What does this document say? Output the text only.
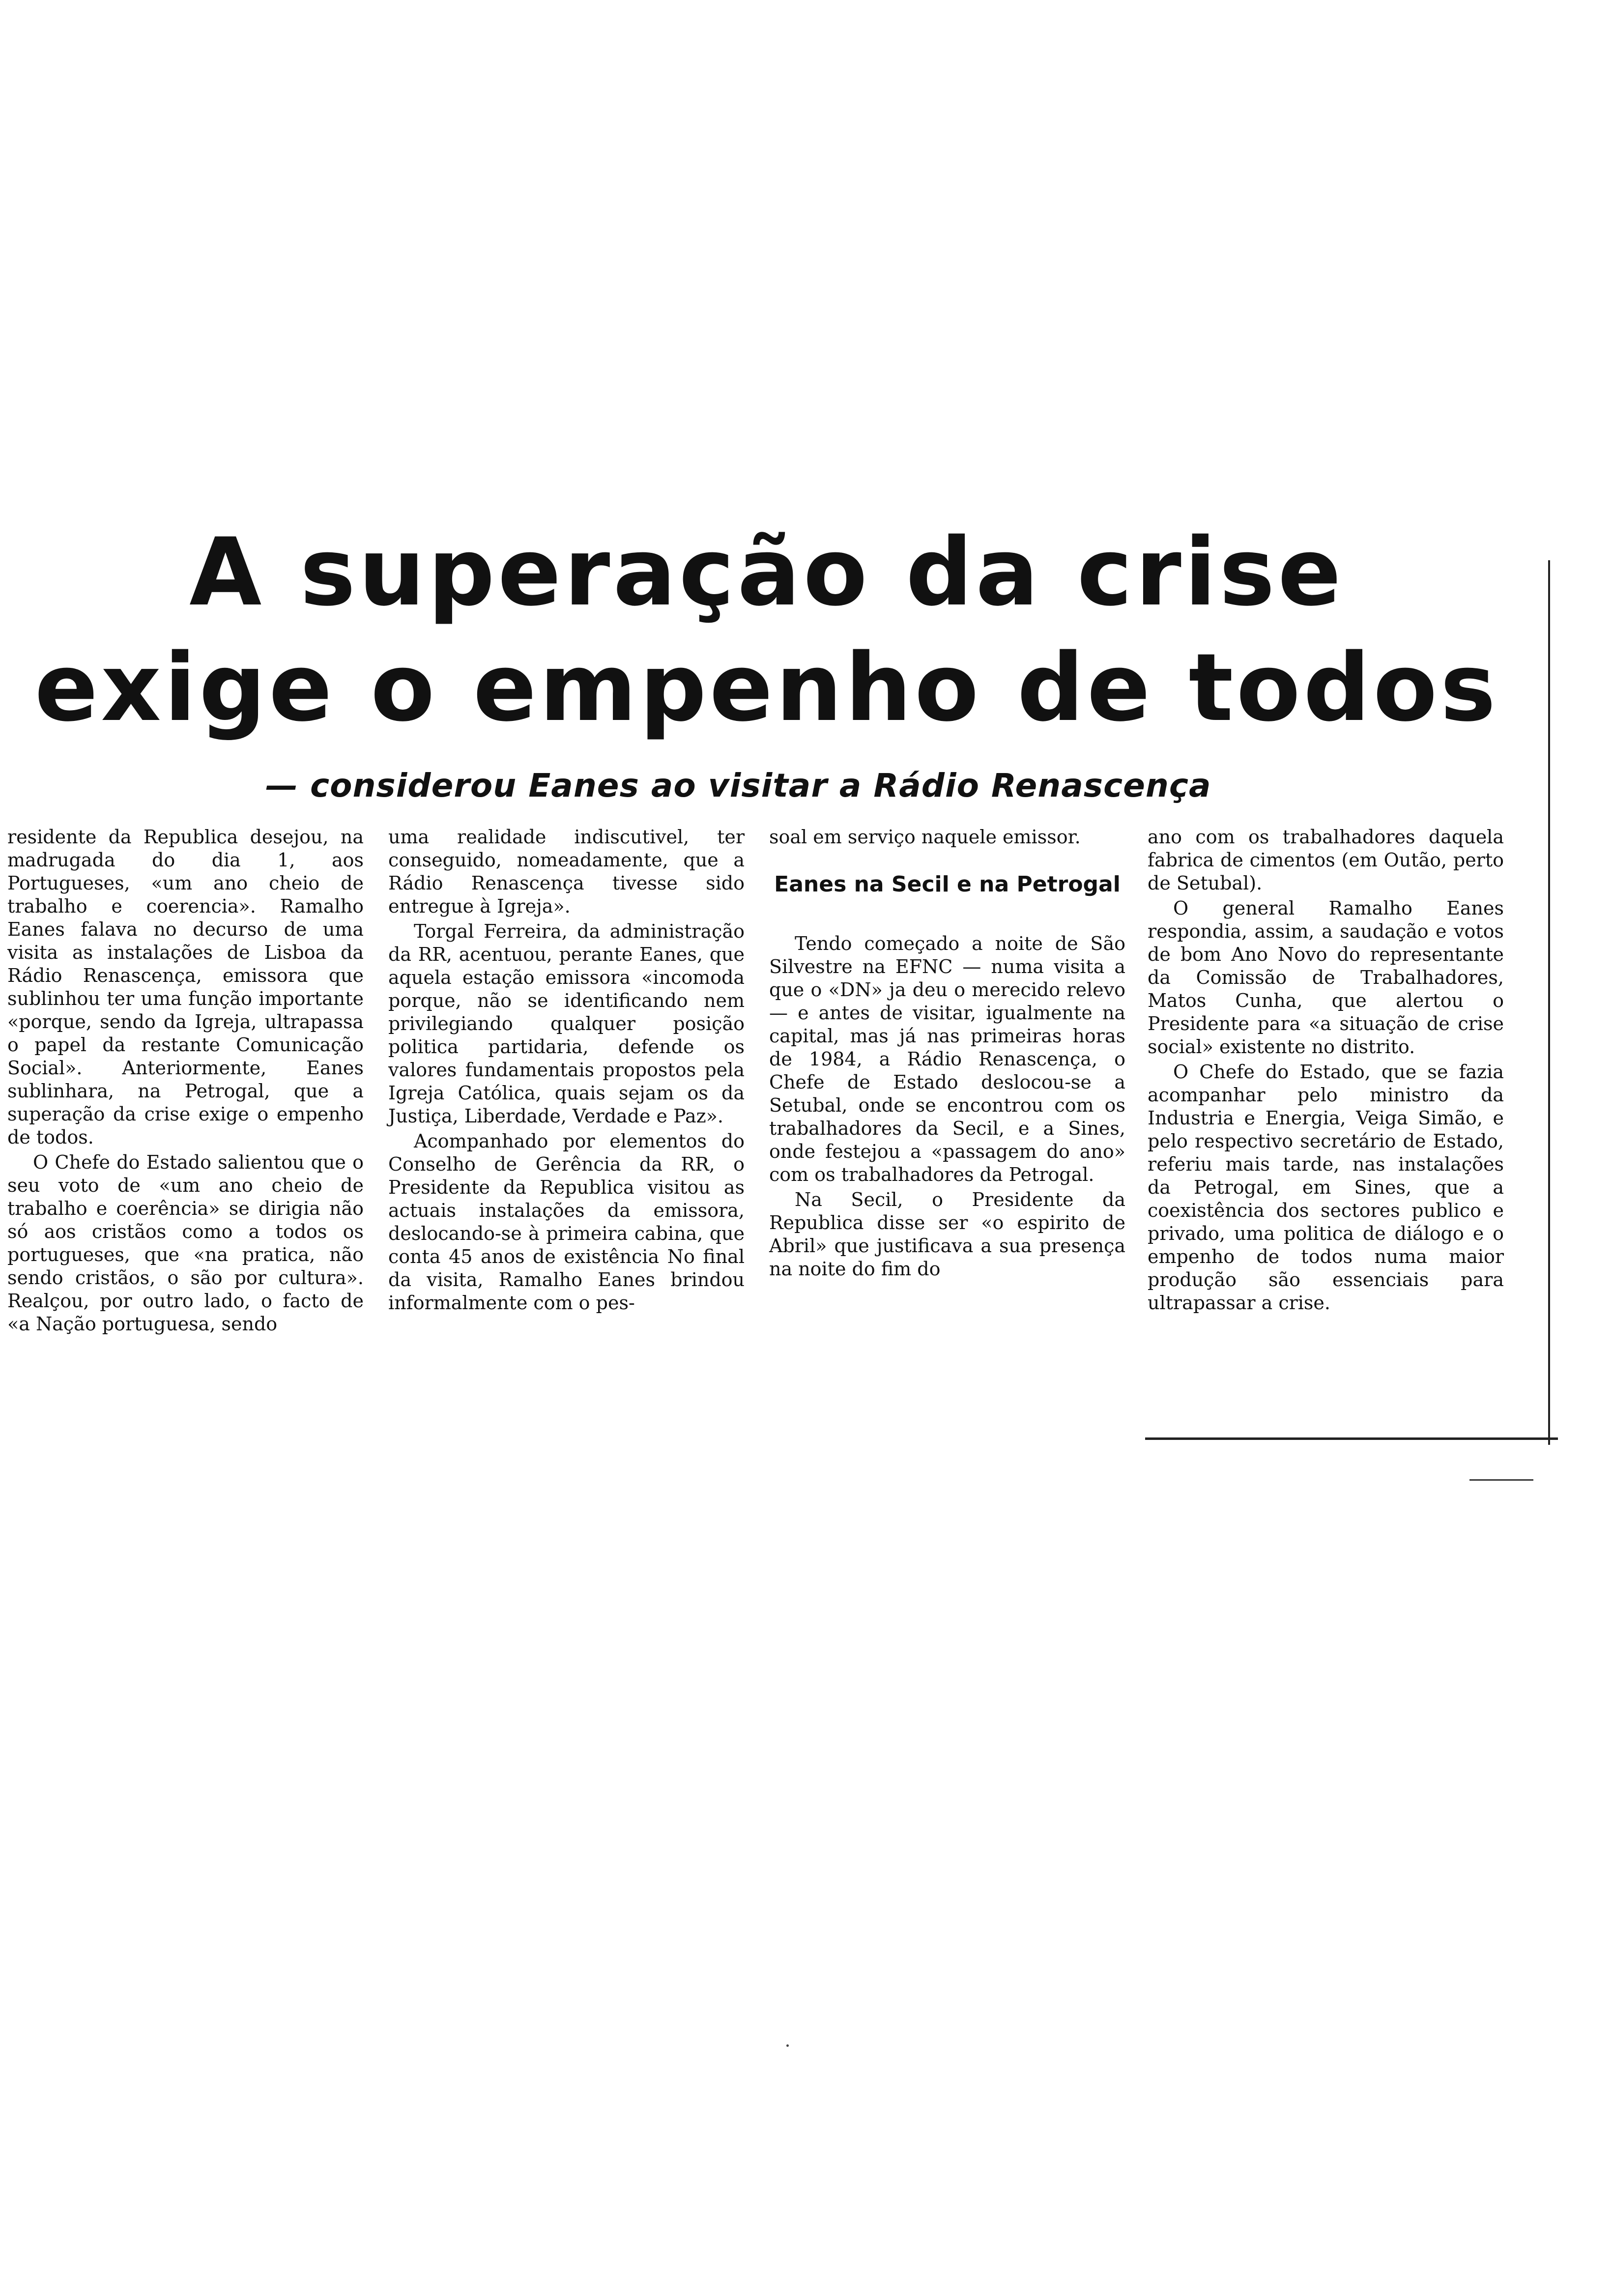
A superação da crise
exige o empenho de todos
— considerou Eanes ao visitar a Rádio Renascença

residente da Republica desejou, na madrugada do dia 1, aos Portugueses, «um ano cheio de trabalho e coerencia». Ramalho Eanes falava no decurso de uma visita as instalações de Lisboa da Rádio Renascença, emissora que sublinhou ter uma função importante «porque, sendo da Igreja, ultrapassa o papel da restante Comunicação Social». Anteriormente, Eanes sublinhara, na Petrogal, que a superação da crise exige o empenho de todos.

O Chefe do Estado salientou que o seu voto de «um ano cheio de trabalho e coerência» se dirigia não só aos cristãos como a todos os portugueses, que «na pratica, não sendo cristãos, o são por cultura». Realçou, por outro lado, o facto de «a Nação portuguesa, sendo

uma realidade indiscutivel, ter conseguido, nomeadamente, que a Rádio Renascença tivesse sido entregue à Igreja».

Torgal Ferreira, da administração da RR, acentuou, perante Eanes, que aquela estação emissora «incomoda porque, não se identificando nem privilegiando qualquer posição politica partidaria, defende os valores fundamentais propostos pela Igreja Católica, quais sejam os da Justiça, Liberdade, Verdade e Paz».

Acompanhado por elementos do Conselho de Gerência da RR, o Presidente da Republica visitou as actuais instalações da emissora, deslocando-se à primeira cabina, que conta 45 anos de existência No final da visita, Ramalho Eanes brindou informalmente com o pes-

soal em serviço naquele emissor.

Eanes na Secil e na Petrogal

Tendo começado a noite de São Silvestre na EFNC — numa visita a que o «DN» ja deu o merecido relevo— e antes de visitar, igualmente na capital, mas já nas primeiras horas de 1984, a Rádio Renascença, o Chefe de Estado deslocou-se a Setubal, onde se encontrou com os trabalhadores da Secil, e a Sines, onde festejou a «passagem do ano» com os trabalhadores da Petrogal.

Na Secil, o Presidente da Republica disse ser «o espirito de Abril» que justificava a sua presença na noite do fim do

ano com os trabalhadores daquela fabrica de cimentos (em Outão, perto de Setubal).

O general Ramalho Eanes respondia, assim, a saudação e votos de bom Ano Novo do representante da Comissão de Trabalhadores, Matos Cunha, que alertou o Presidente para «a situação de crise social» existente no distrito.

O Chefe do Estado, que se fazia acompanhar pelo ministro da Industria e Energia, Veiga Simão, e pelo respectivo secretário de Estado, referiu mais tarde, nas instalações da Petrogal, em Sines, que a coexistência dos sectores publico e privado, uma politica de diálogo e o empenho de todos numa maior produção são essenciais para ultrapassar a crise.
